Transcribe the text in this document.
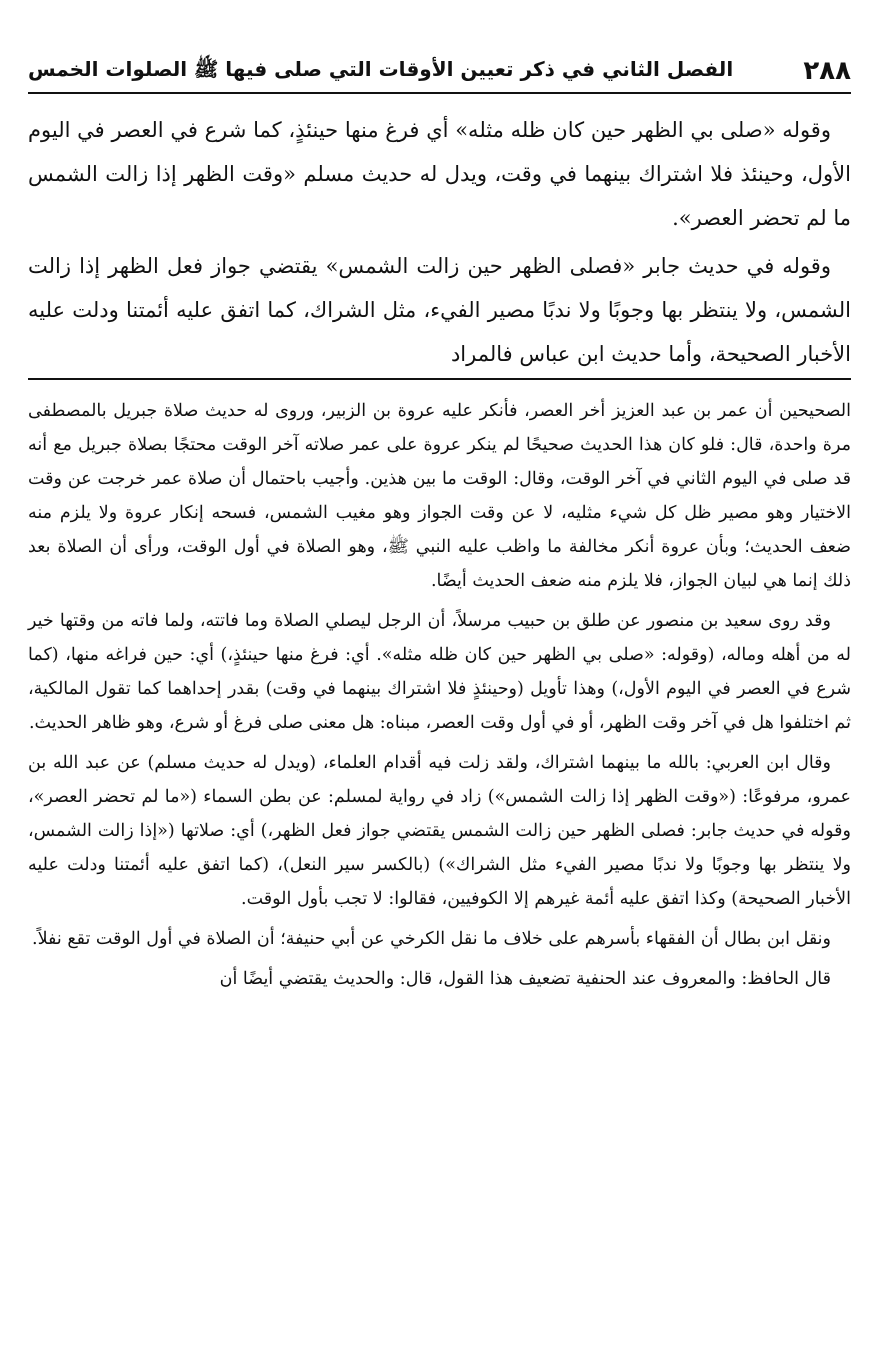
٢٨٨
الفصل الثاني في ذكر تعيين الأوقات التي صلى فيها ﷺ الصلوات الخمس

وقوله «صلى بي الظهر حين كان ظله مثله» أي فرغ منها حينئذٍ، كما شرع في العصر في اليوم الأول، وحينئذ فلا اشتراك بينهما في وقت، ويدل له حديث مسلم «وقت الظهر إذا زالت الشمس ما لم تحضر العصر».

وقوله في حديث جابر «فصلى الظهر حين زالت الشمس» يقتضي جواز فعل الظهر إذا زالت الشمس، ولا ينتظر بها وجوبًا ولا ندبًا مصير الفيء، مثل الشراك، كما اتفق عليه أئمتنا ودلت عليه الأخبار الصحيحة، وأما حديث ابن عباس فالمراد

الصحيحين أن عمر بن عبد العزيز أخر العصر، فأنكر عليه عروة بن الزبير، وروى له حديث صلاة جبريل بالمصطفى مرة واحدة، قال: فلو كان هذا الحديث صحيحًا لم ينكر عروة على عمر صلاته آخر الوقت محتجًا بصلاة جبريل مع أنه قد صلى في اليوم الثاني في آخر الوقت، وقال: الوقت ما بين هذين. وأجيب باحتمال أن صلاة عمر خرجت عن وقت الاختيار وهو مصير ظل كل شيء مثليه، لا عن وقت الجواز وهو مغيب الشمس، فسحه إنكار عروة ولا يلزم منه ضعف الحديث؛ وبأن عروة أنكر مخالفة ما واظب عليه النبي ﷺ، وهو الصلاة في أول الوقت، ورأى أن الصلاة بعد ذلك إنما هي لبيان الجواز، فلا يلزم منه ضعف الحديث أيضًا.

وقد روى سعيد بن منصور عن طلق بن حبيب مرسلاً، أن الرجل ليصلي الصلاة وما فاتته، ولما فاته من وقتها خير له من أهله وماله، (وقوله: «صلى بي الظهر حين كان ظله مثله». أي: فرغ منها حينئذٍ،) أي: حين فراغه منها، (كما شرع في العصر في اليوم الأول،) وهذا تأويل (وحينئذٍ فلا اشتراك بينهما في وقت) بقدر إحداهما كما تقول المالكية، ثم اختلفوا هل في آخر وقت الظهر، أو في أول وقت العصر، مبناه: هل معنى صلى فرغ أو شرع، وهو ظاهر الحديث.

وقال ابن العربي: بالله ما بينهما اشتراك، ولقد زلت فيه أقدام العلماء، (ويدل له حديث مسلم) عن عبد الله بن عمرو، مرفوعًا: («وقت الظهر إذا زالت الشمس») زاد في رواية لمسلم: عن بطن السماء («ما لم تحضر العصر»، وقوله في حديث جابر: فصلى الظهر حين زالت الشمس يقتضي جواز فعل الظهر،) أي: صلاتها («إذا زالت الشمس، ولا ينتظر بها وجوبًا ولا ندبًا مصير الفيء مثل الشراك») (بالكسر سير النعل)، (كما اتفق عليه أئمتنا ودلت عليه الأخبار الصحيحة) وكذا اتفق عليه أئمة غيرهم إلا الكوفيين، فقالوا: لا تجب بأول الوقت.

ونقل ابن بطال أن الفقهاء بأسرهم على خلاف ما نقل الكرخي عن أبي حنيفة؛ أن الصلاة في أول الوقت تقع نفلاً.

قال الحافظ: والمعروف عند الحنفية تضعيف هذا القول، قال: والحديث يقتضي أيضًا أن
